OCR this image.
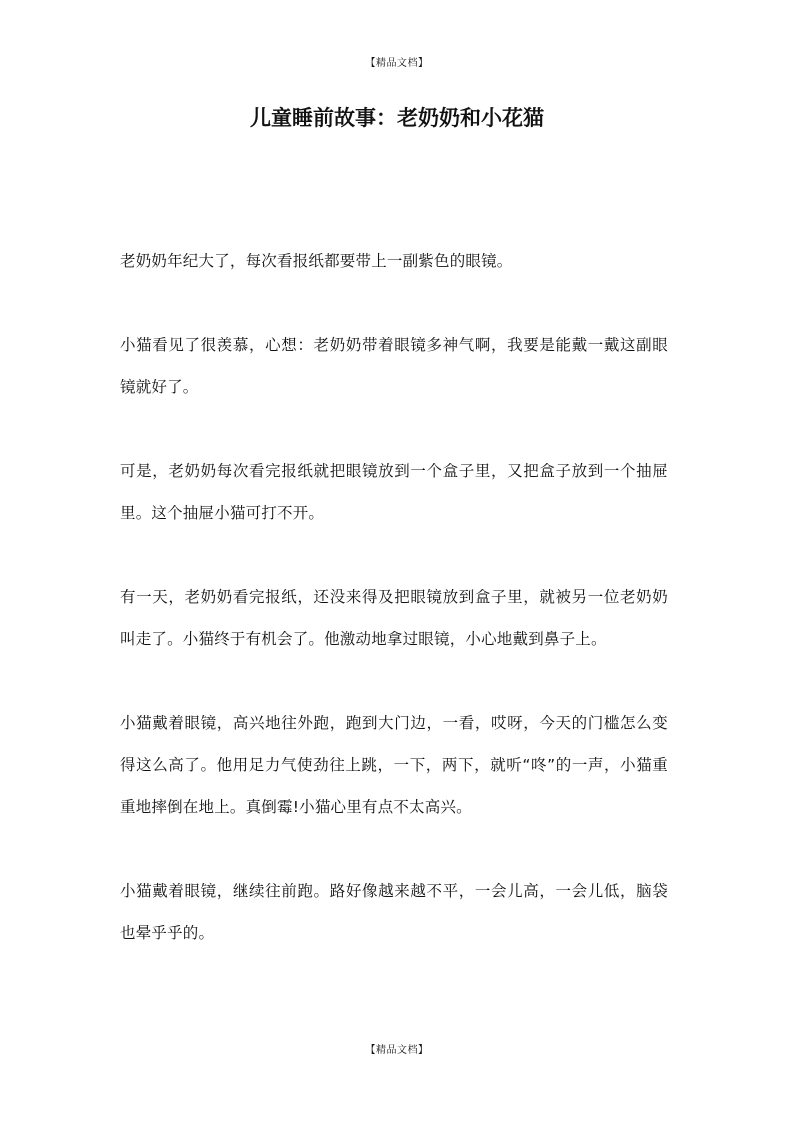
【精品文档】
儿童睡前故事：老奶奶和小花猫

老奶奶年纪大了，每次看报纸都要带上一副紫色的眼镜。

小猫看见了很羡慕，心想：老奶奶带着眼镜多神气啊，我要是能戴一戴这副眼镜就好了。

可是，老奶奶每次看完报纸就把眼镜放到一个盒子里，又把盒子放到一个抽屉里。这个抽屉小猫可打不开。

有一天，老奶奶看完报纸，还没来得及把眼镜放到盒子里，就被另一位老奶奶叫走了。小猫终于有机会了。他激动地拿过眼镜，小心地戴到鼻子上。

小猫戴着眼镜，高兴地往外跑，跑到大门边，一看，哎呀，今天的门槛怎么变得这么高了。他用足力气使劲往上跳，一下，两下，就听“咚”的一声，小猫重重地摔倒在地上。真倒霉!小猫心里有点不太高兴。

小猫戴着眼镜，继续往前跑。路好像越来越不平，一会儿高，一会儿低，脑袋也晕乎乎的。

【精品文档】
